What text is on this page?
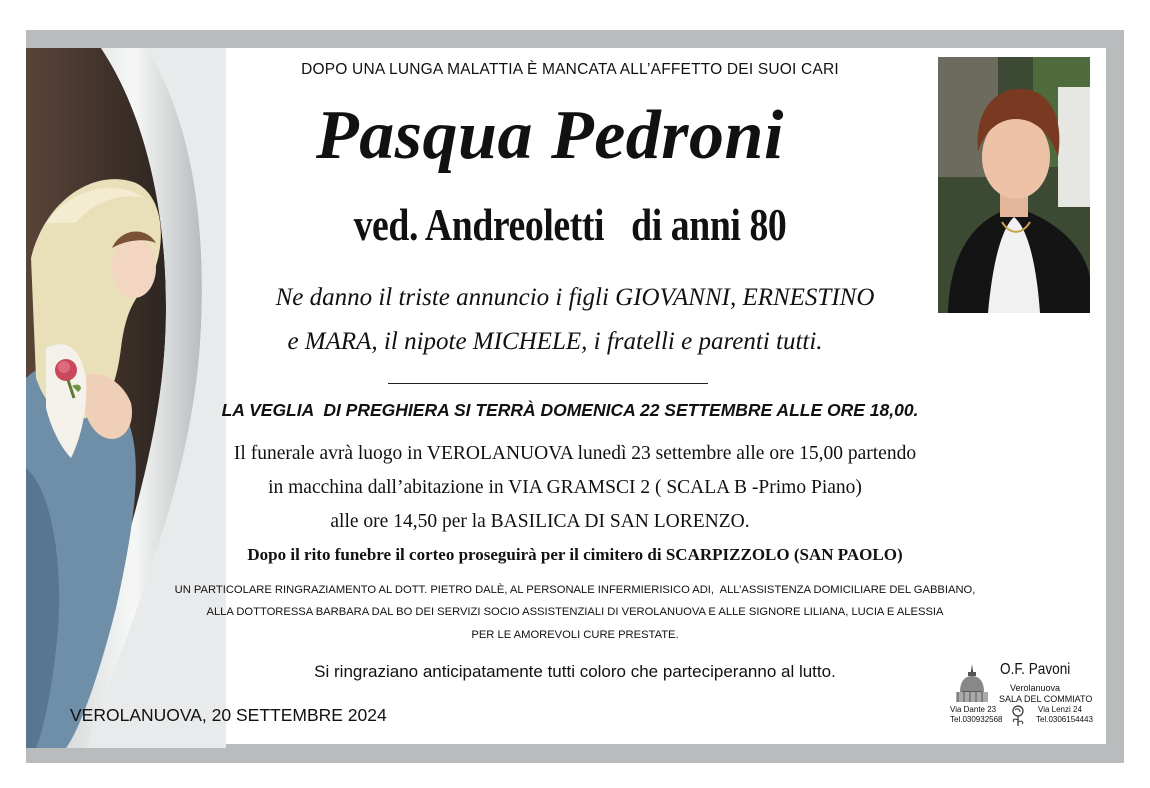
DOPO UNA LUNGA MALATTIA È MANCATA ALL’AFFETTO DEI SUOI CARI
Pasqua Pedroni
ved. Andreoletti   di anni 80
Ne danno il triste annuncio i figli GIOVANNI, ERNESTINO
e MARA, il nipote MICHELE, i fratelli e parenti tutti.
LA VEGLIA  DI PREGHIERA SI TERRÀ DOMENICA 22 SETTEMBRE ALLE ORE 18,00.
Il funerale avrà luogo in VEROLANUOVA lunedì 23 settembre alle ore 15,00 partendo
in macchina dall’abitazione in VIA GRAMSCI 2 ( SCALA B -Primo Piano)
alle ore 14,50 per la BASILICA DI SAN LORENZO.
Dopo il rito funebre il corteo proseguirà per il cimitero di SCARPIZZOLO (SAN PAOLO)
UN PARTICOLARE RINGRAZIAMENTO AL DOTT. PIETRO DALÈ, AL PERSONALE INFERMIERISICO ADI,  ALL’ASSISTENZA DOMICILIARE DEL GABBIANO,
ALLA DOTTORESSA BARBARA DAL BO DEI SERVIZI SOCIO ASSISTENZIALI DI VEROLANUOVA E ALLE SIGNORE LILIANA, LUCIA E ALESSIA
PER LE AMOREVOLI CURE PRESTATE.
Si ringraziano anticipatamente tutti coloro che parteciperanno al lutto.
VEROLANUOVA, 20 SETTEMBRE 2024
O.F. Pavoni
Verolanuova
SALA DEL COMMIATO
Via Dante 23
Tel.030932568
Via Lenzi 24
Tel.0306154443
